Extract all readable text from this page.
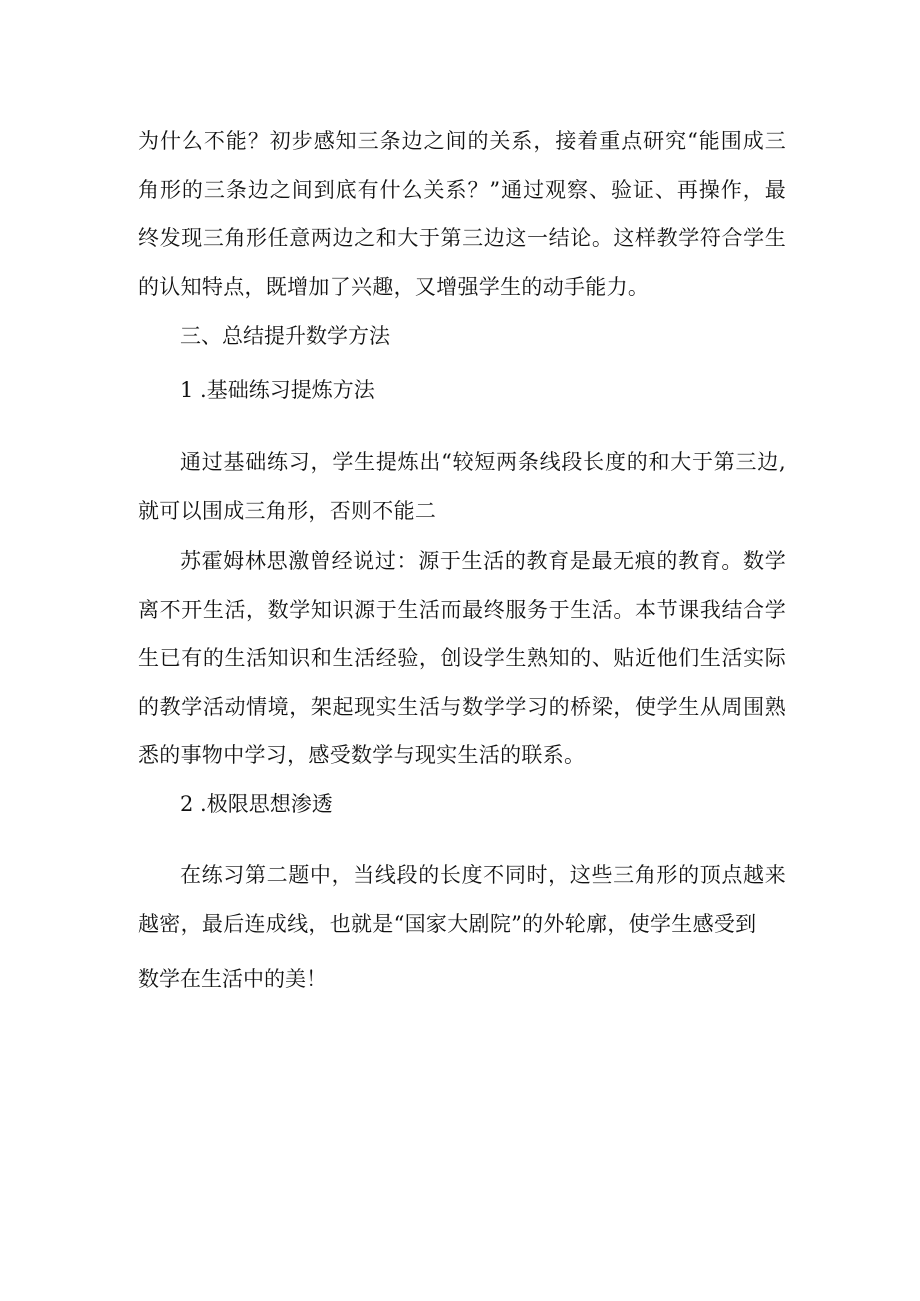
为什么不能？初步感知三条边之间的关系，接着重点研究“能围成三角形的三条边之间到底有什么关系？”通过观察、验证、再操作，最终发现三角形任意两边之和大于第三边这一结论。这样教学符合学生的认知特点，既增加了兴趣，又增强学生的动手能力。

三、总结提升数学方法

1 .基础练习提炼方法

通过基础练习，学生提炼出“较短两条线段长度的和大于第三边,就可以围成三角形，否则不能二

苏霍姆林思激曾经说过：源于生活的教育是最无痕的教育。数学离不开生活，数学知识源于生活而最终服务于生活。本节课我结合学生已有的生活知识和生活经验，创设学生熟知的、贴近他们生活实际的教学活动情境，架起现实生活与数学学习的桥梁，使学生从周围熟悉的事物中学习，感受数学与现实生活的联系。

2 .极限思想渗透

在练习第二题中，当线段的长度不同时，这些三角形的顶点越来越密，最后连成线，也就是“国家大剧院”的外轮廓，使学生感受到

数学在生活中的美！
